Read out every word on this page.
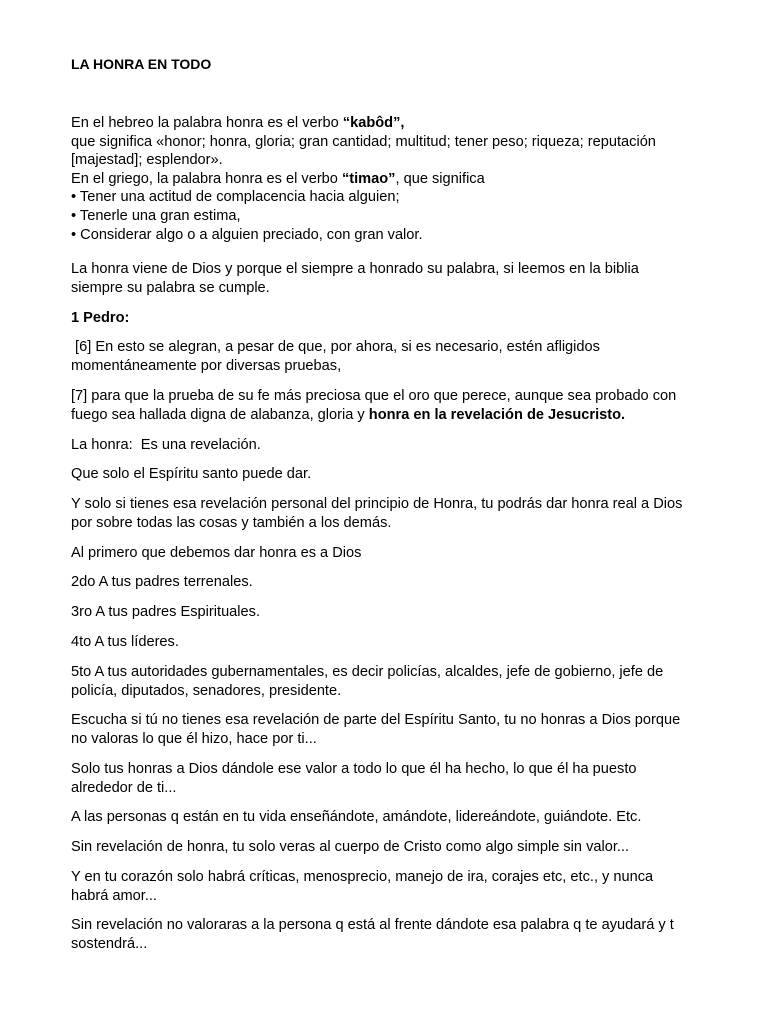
LA HONRA EN TODO
En el hebreo la palabra honra es el verbo “kabôd”,
que significa «honor; honra, gloria; gran cantidad; multitud; tener peso; riqueza; reputación
[majestad]; esplendor».
En el griego, la palabra honra es el verbo “timao”, que significa
• Tener una actitud de complacencia hacia alguien;
• Tenerle una gran estima,
• Considerar algo o a alguien preciado, con gran valor.
La honra viene de Dios y porque el siempre a honrado su palabra, si leemos en la biblia
siempre su palabra se cumple.
1 Pedro:
[6] En esto se alegran, a pesar de que, por ahora, si es necesario, estén afligidos
momentáneamente por diversas pruebas,
[7] para que la prueba de su fe más preciosa que el oro que perece, aunque sea probado con
fuego sea hallada digna de alabanza, gloria y honra en la revelación de Jesucristo.
La honra:  Es una revelación.
Que solo el Espíritu santo puede dar.
Y solo si tienes esa revelación personal del principio de Honra, tu podrás dar honra real a Dios
por sobre todas las cosas y también a los demás.
Al primero que debemos dar honra es a Dios
2do A tus padres terrenales.
3ro A tus padres Espirituales.
4to A tus líderes.
5to A tus autoridades gubernamentales, es decir policías, alcaldes, jefe de gobierno, jefe de
policía, diputados, senadores, presidente.
Escucha si tú no tienes esa revelación de parte del Espíritu Santo, tu no honras a Dios porque
no valoras lo que él hizo, hace por ti...
Solo tus honras a Dios dándole ese valor a todo lo que él ha hecho, lo que él ha puesto
alrededor de ti...
A las personas q están en tu vida enseñándote, amándote, lidereándote, guiándote. Etc.
Sin revelación de honra, tu solo veras al cuerpo de Cristo como algo simple sin valor...
Y en tu corazón solo habrá críticas, menosprecio, manejo de ira, corajes etc, etc., y nunca
habrá amor...
Sin revelación no valoraras a la persona q está al frente dándote esa palabra q te ayudará y t
sostendrá...
